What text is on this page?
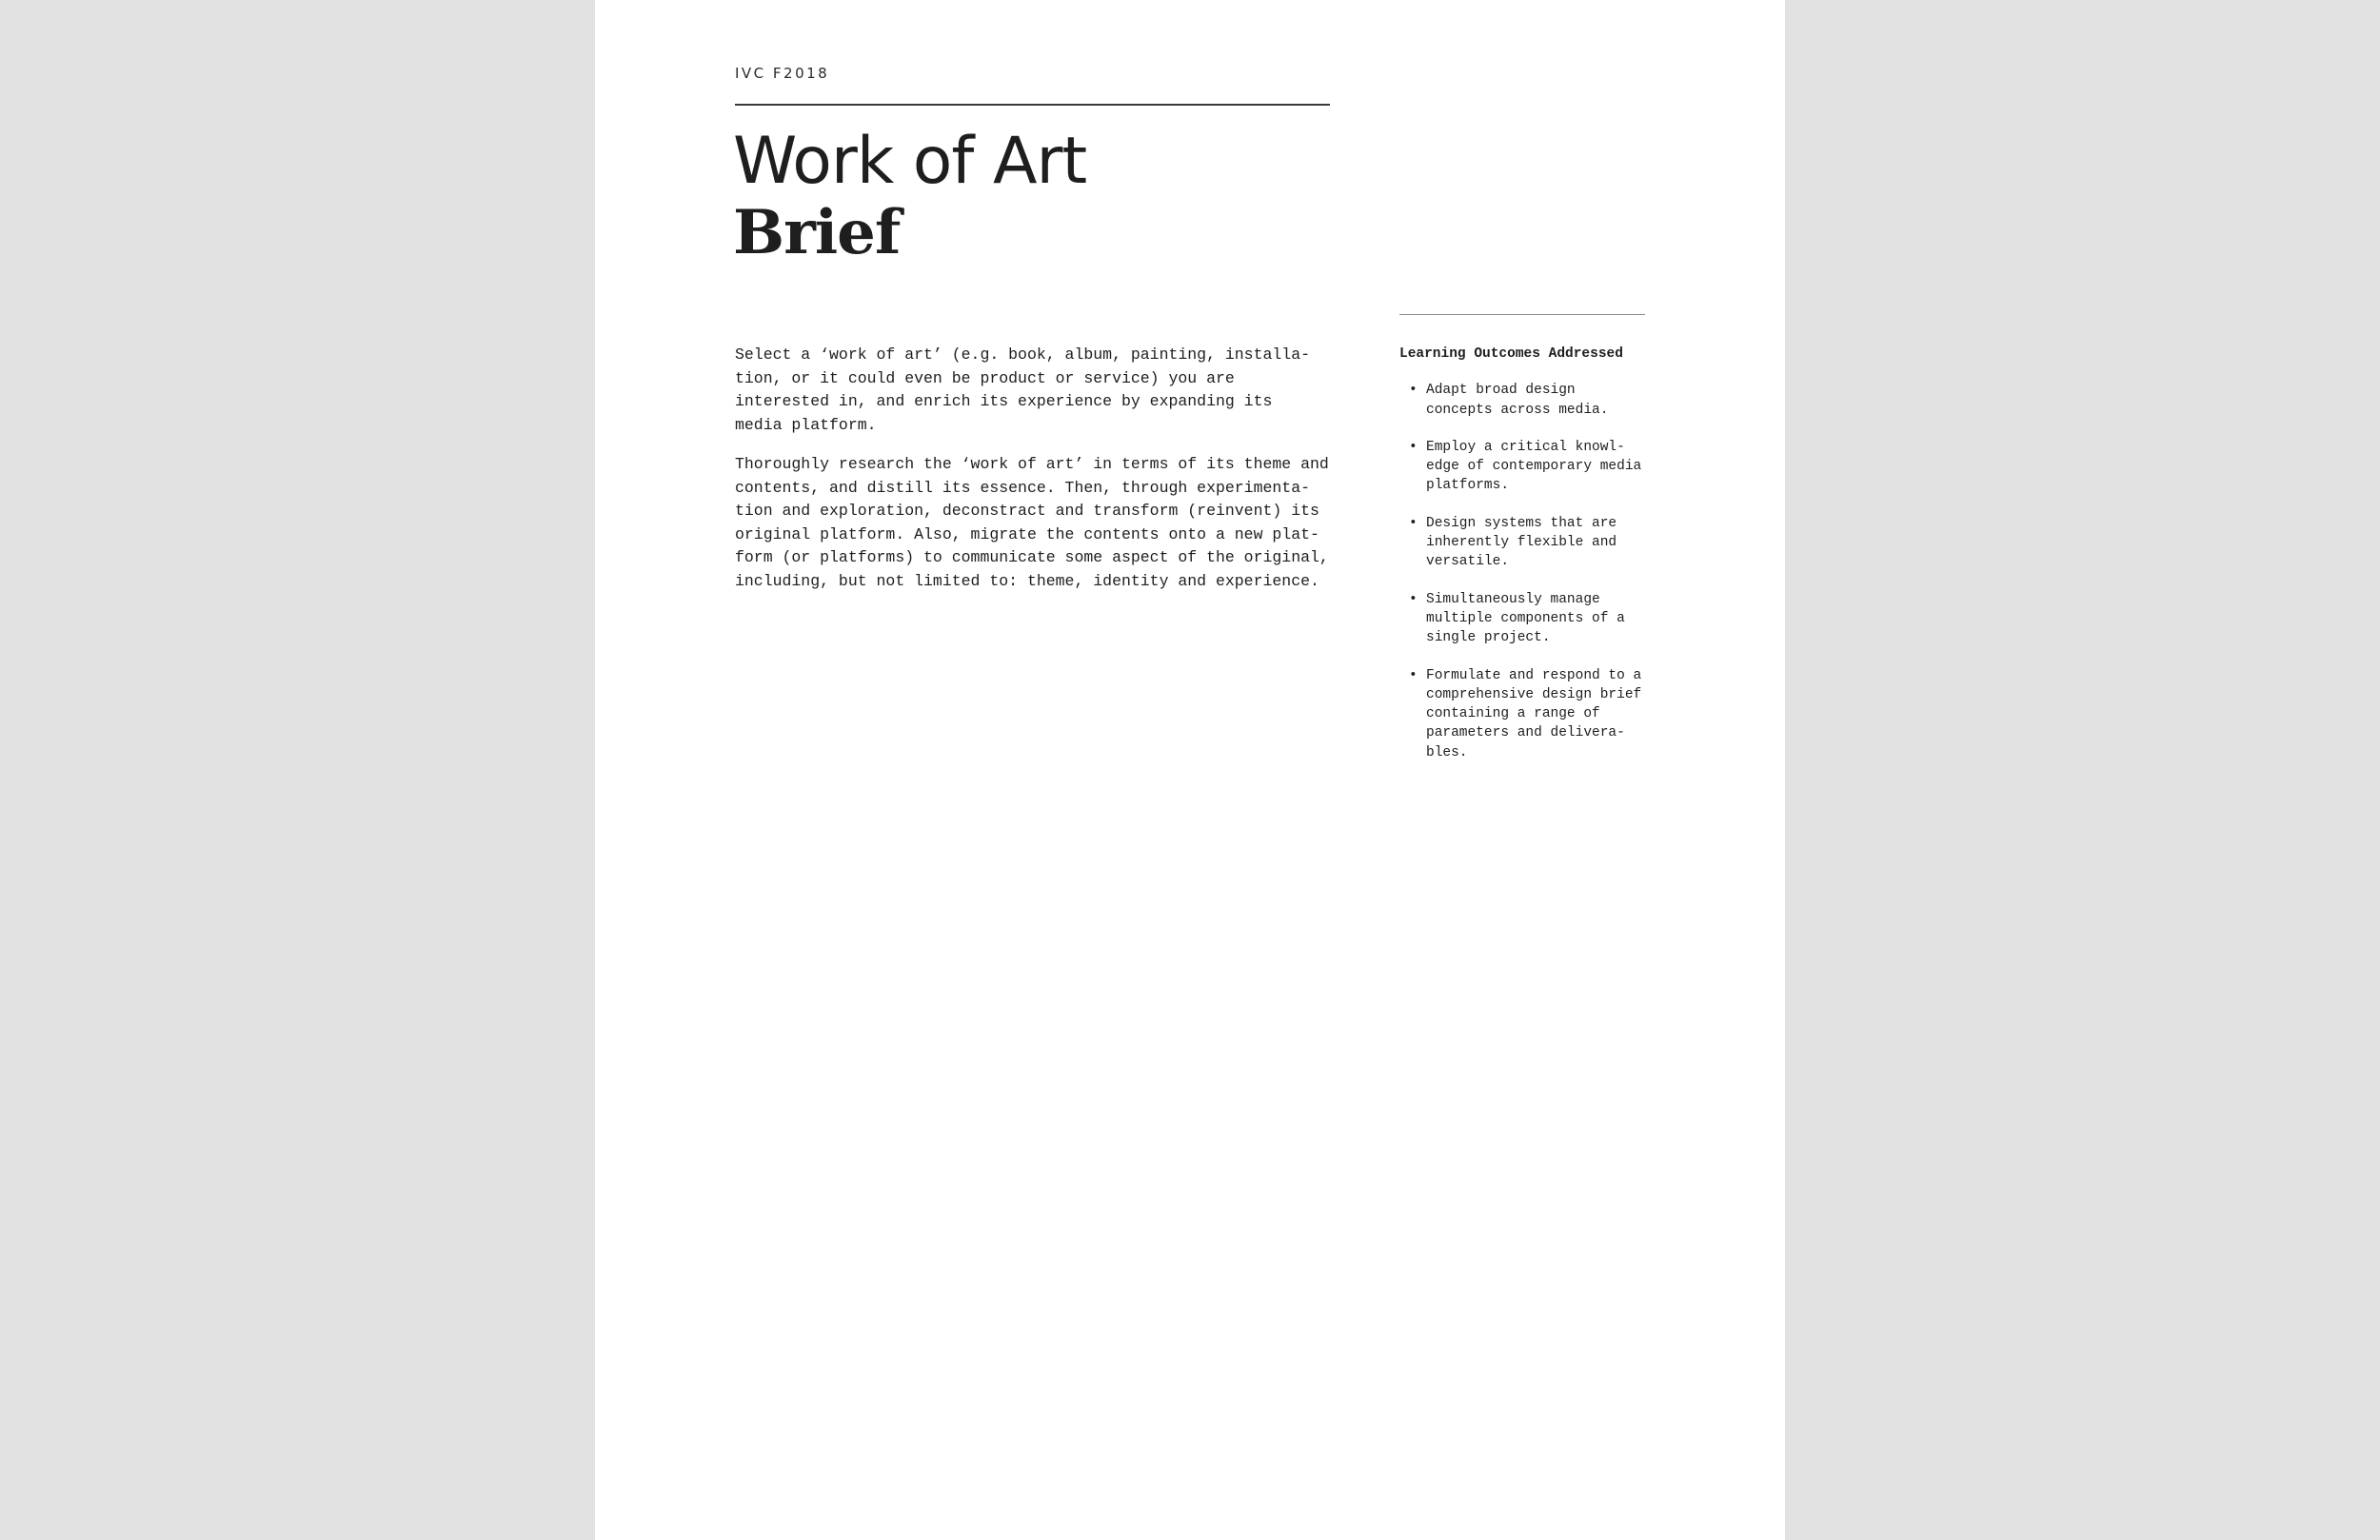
IVC F2018
Work of Art
Brief

Select a ‘work of art’ (e.g. book, album, painting, installa-
tion, or it could even be product or service) you are
interested in, and enrich its experience by expanding its
media platform.

Thoroughly research the ‘work of art’ in terms of its theme and
contents, and distill its essence. Then, through experimenta-
tion and exploration, deconstract and transform (reinvent) its
original platform. Also, migrate the contents onto a new plat-
form (or platforms) to communicate some aspect of the original,
including, but not limited to: theme, identity and experience.

Learning Outcomes Addressed
• Adapt broad design
concepts across media.
• Employ a critical knowl-
edge of contemporary media
platforms.
• Design systems that are
inherently flexible and
versatile.
• Simultaneously manage
multiple components of a
single project.
• Formulate and respond to a
comprehensive design brief
containing a range of
parameters and delivera-
bles.
